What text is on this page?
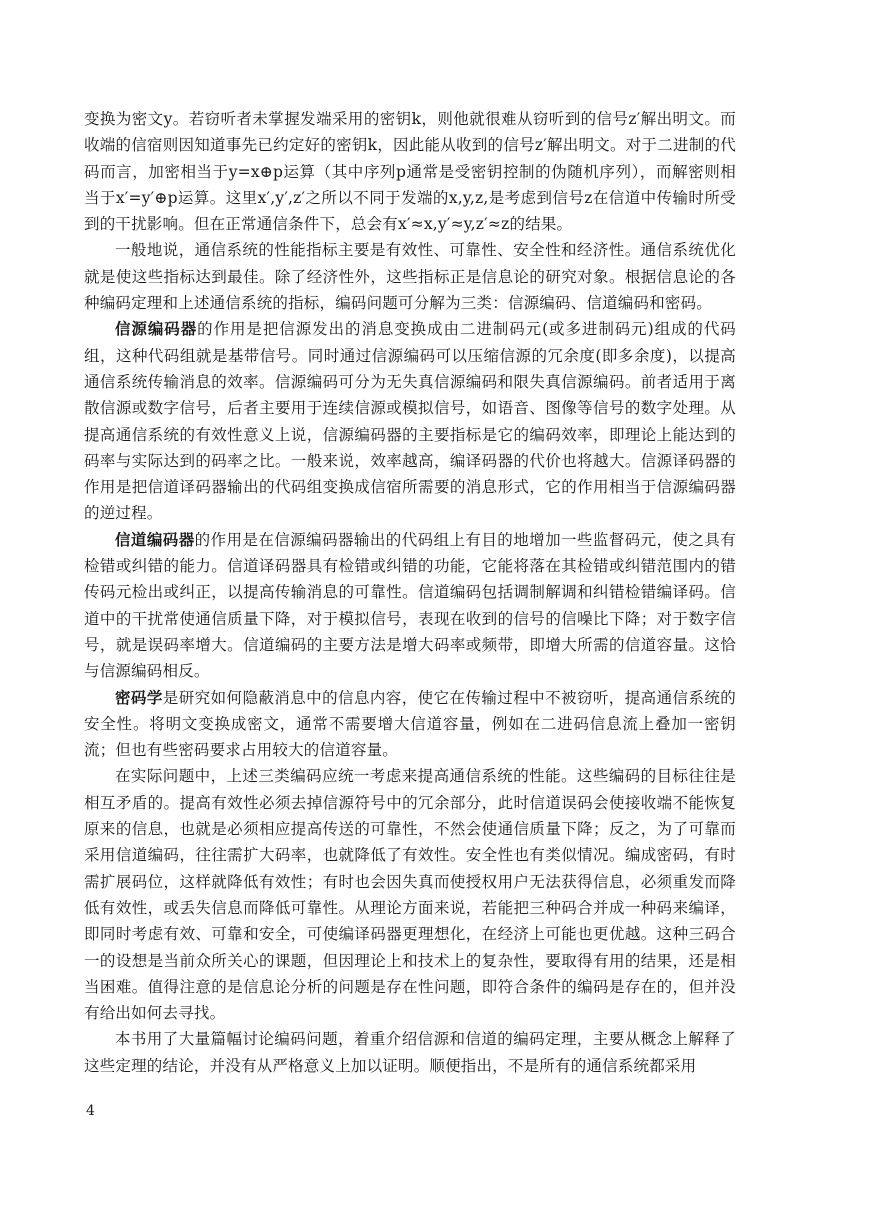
变换为密文y。若窃听者未掌握发端采用的密钥k，则他就很难从窃听到的信号z′解出明文。而收端的信宿则因知道事先已约定好的密钥k，因此能从收到的信号z′解出明文。对于二进制的代码而言，加密相当于y=x⊕p运算（其中序列p通常是受密钥控制的伪随机序列），而解密则相当于x′=y′⊕p运算。这里x′,y′,z′之所以不同于发端的x,y,z,是考虑到信号z在信道中传输时所受到的干扰影响。但在正常通信条件下，总会有x′≈x,y′≈y,z′≈z的结果。

一般地说，通信系统的性能指标主要是有效性、可靠性、安全性和经济性。通信系统优化就是使这些指标达到最佳。除了经济性外，这些指标正是信息论的研究对象。根据信息论的各种编码定理和上述通信系统的指标，编码问题可分解为三类：信源编码、信道编码和密码。

信源编码器的作用是把信源发出的消息变换成由二进制码元(或多进制码元)组成的代码组，这种代码组就是基带信号。同时通过信源编码可以压缩信源的冗余度(即多余度)，以提高通信系统传输消息的效率。信源编码可分为无失真信源编码和限失真信源编码。前者适用于离散信源或数字信号，后者主要用于连续信源或模拟信号，如语音、图像等信号的数字处理。从提高通信系统的有效性意义上说，信源编码器的主要指标是它的编码效率，即理论上能达到的码率与实际达到的码率之比。一般来说，效率越高，编译码器的代价也将越大。信源译码器的作用是把信道译码器输出的代码组变换成信宿所需要的消息形式，它的作用相当于信源编码器的逆过程。

信道编码器的作用是在信源编码器输出的代码组上有目的地增加一些监督码元，使之具有检错或纠错的能力。信道译码器具有检错或纠错的功能，它能将落在其检错或纠错范围内的错传码元检出或纠正，以提高传输消息的可靠性。信道编码包括调制解调和纠错检错编译码。信道中的干扰常使通信质量下降，对于模拟信号，表现在收到的信号的信噪比下降；对于数字信号，就是误码率增大。信道编码的主要方法是增大码率或频带，即增大所需的信道容量。这恰与信源编码相反。

密码学是研究如何隐蔽消息中的信息内容，使它在传输过程中不被窃听，提高通信系统的安全性。将明文变换成密文，通常不需要增大信道容量，例如在二进码信息流上叠加一密钥流；但也有些密码要求占用较大的信道容量。

在实际问题中，上述三类编码应统一考虑来提高通信系统的性能。这些编码的目标往往是相互矛盾的。提高有效性必须去掉信源符号中的冗余部分，此时信道误码会使接收端不能恢复原来的信息，也就是必须相应提高传送的可靠性，不然会使通信质量下降；反之，为了可靠而采用信道编码，往往需扩大码率，也就降低了有效性。安全性也有类似情况。编成密码，有时需扩展码位，这样就降低有效性；有时也会因失真而使授权用户无法获得信息，必须重发而降低有效性，或丢失信息而降低可靠性。从理论方面来说，若能把三种码合并成一种码来编译，即同时考虑有效、可靠和安全，可使编译码器更理想化，在经济上可能也更优越。这种三码合一的设想是当前众所关心的课题，但因理论上和技术上的复杂性，要取得有用的结果，还是相当困难。值得注意的是信息论分析的问题是存在性问题，即符合条件的编码是存在的，但并没有给出如何去寻找。

本书用了大量篇幅讨论编码问题，着重介绍信源和信道的编码定理，主要从概念上解释了这些定理的结论，并没有从严格意义上加以证明。顺便指出，不是所有的通信系统都采用

4
